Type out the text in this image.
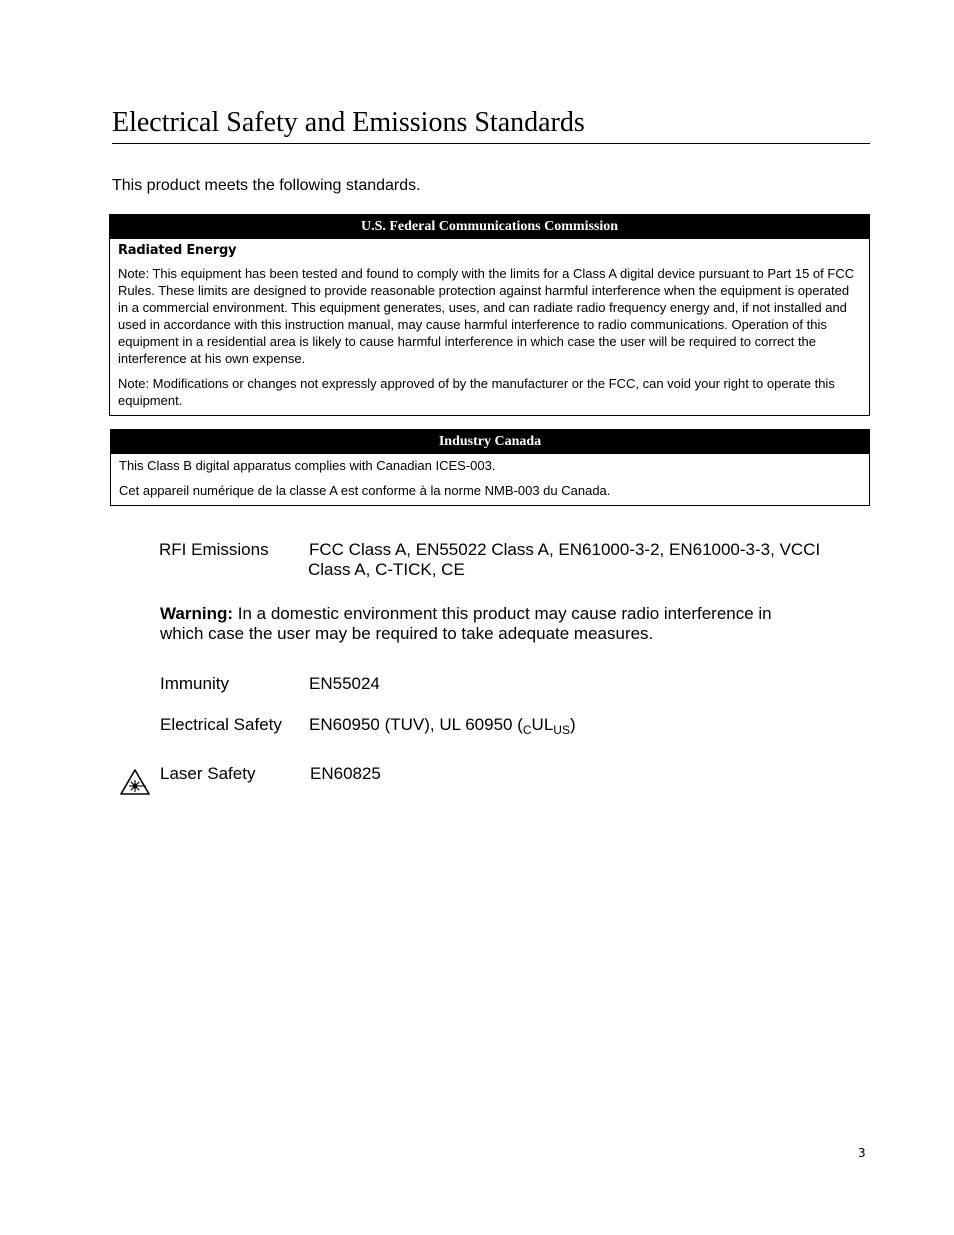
Electrical Safety and Emissions Standards
This product meets the following standards.
U.S. Federal Communications Commission
Radiated Energy

Note: This equipment has been tested and found to comply with the limits for a Class A digital device pursuant to Part 15 of FCC Rules. These limits are designed to provide reasonable protection against harmful interference when the equipment is operated in a commercial environment. This equipment generates, uses, and can radiate radio frequency energy and, if not installed and used in accordance with this instruction manual, may cause harmful interference to radio communications. Operation of this equipment in a residential area is likely to cause harmful interference in which case the user will be required to correct the interference at his own expense.

Note: Modifications or changes not expressly approved of by the manufacturer or the FCC, can void your right to operate this equipment.

Industry Canada

This Class B digital apparatus complies with Canadian ICES-003.

Cet appareil numérique de la classe A est conforme à la norme NMB-003 du Canada.

RFI Emissions FCC Class A, EN55022 Class A, EN61000-3-2, EN61000-3-3, VCCI
Class A, C-TICK, CE
Warning: In a domestic environment this product may cause radio interference in which case the user may be required to take adequate measures.
Immunity	EN55024
Electrical Safety EN60950 (TUV), UL 60950 $(_CUL_{US})$
Laser Safety	EN60825
3
